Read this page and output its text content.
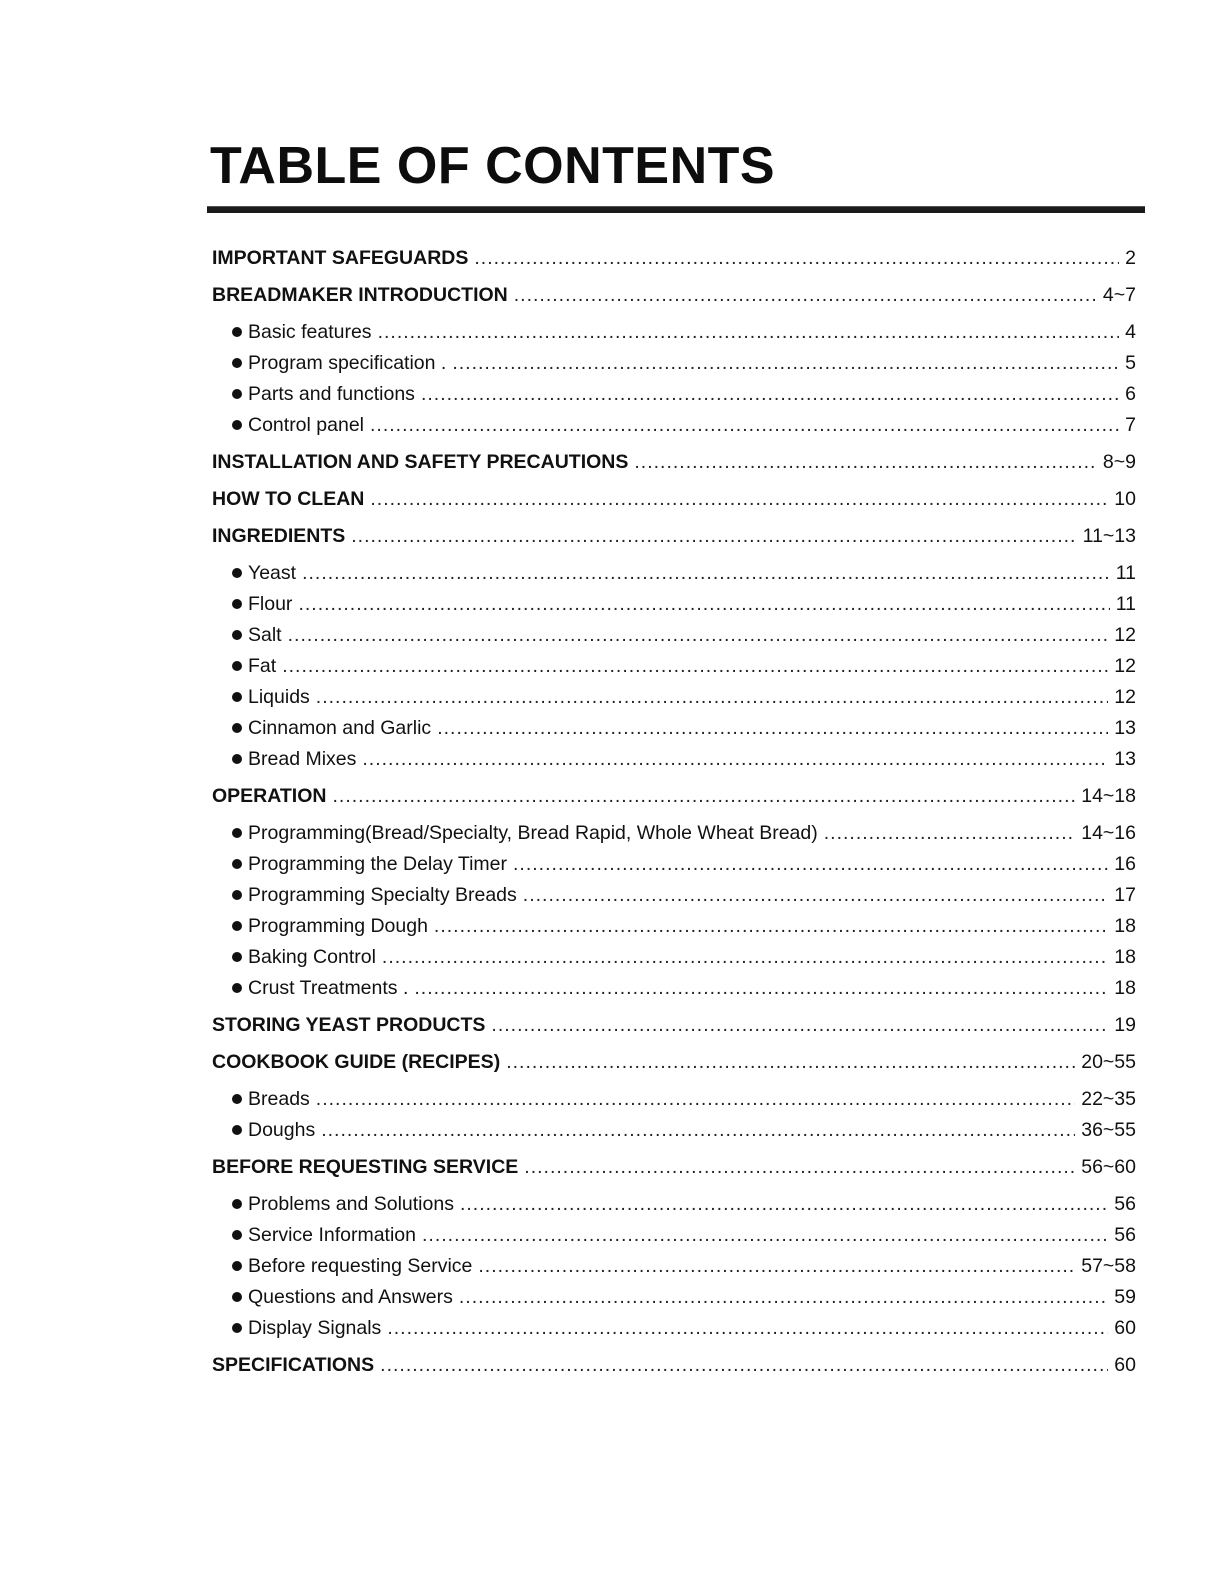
TABLE OF CONTENTS
IMPORTANT SAFEGUARDS .....	2
BREADMAKER INTRODUCTION .....	4~7
Basic features .....	4
Program specification . .....	5
Parts and functions .....	6
Control panel .....	7
INSTALLATION AND SAFETY PRECAUTIONS .....	8~9
HOW TO CLEAN .....	10
INGREDIENTS .....	11~13
Yeast .....	11
Flour .....	11
Salt .....	12
Fat .....	12
Liquids .....	12
Cinnamon and Garlic .....	13
Bread Mixes .....	13
OPERATION .....	14~18
Programming(Bread/Specialty, Bread Rapid, Whole Wheat Bread) .....	14~16
Programming the Delay Timer .....	16
Programming Specialty Breads .....	17
Programming Dough .....	18
Baking Control .....	18
Crust Treatments . .....	18
STORING YEAST PRODUCTS .....	19
COOKBOOK GUIDE (RECIPES) .....	20~55
Breads .....	22~35
Doughs .....	36~55
BEFORE REQUESTING SERVICE .....	56~60
Problems and Solutions .....	56
Service Information .....	56
Before requesting Service .....	57~58
Questions and Answers .....	59
Display Signals .....	60
SPECIFICATIONS .....	60
